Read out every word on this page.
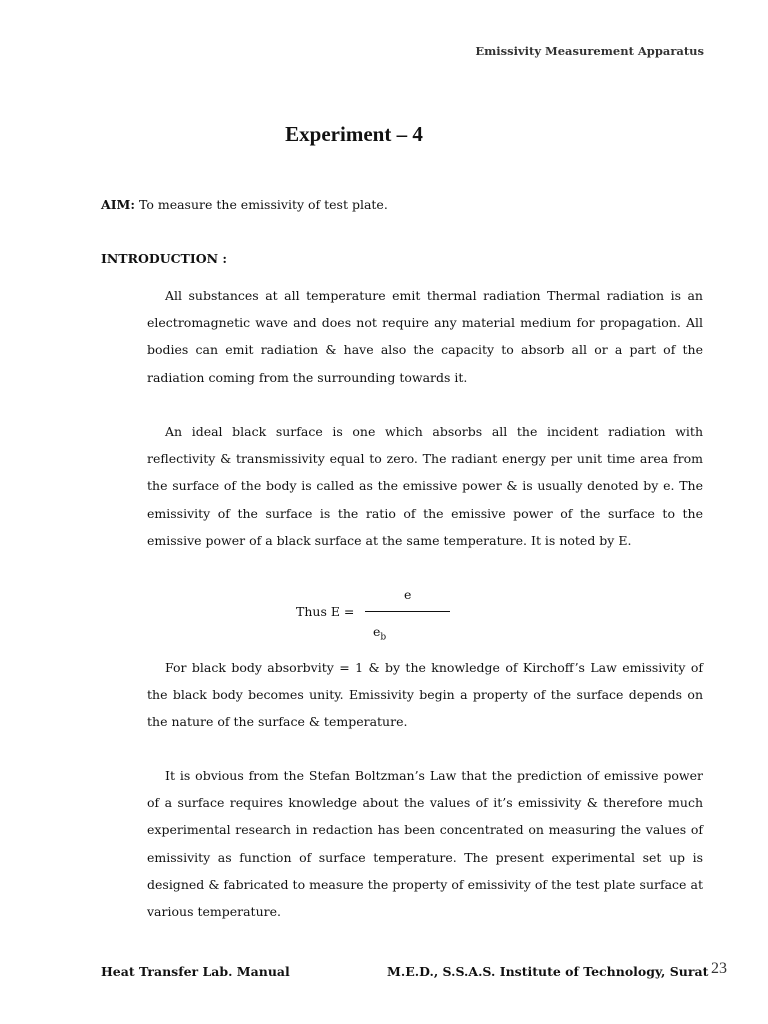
Emissivity Measurement Apparatus
Experiment – 4
AIM: To measure the emissivity of test plate.
INTRODUCTION :

All substances at all temperature emit thermal radiation Thermal radiation is an electromagnetic wave and does not require any material medium for propagation. All bodies can emit radiation & have also the capacity to absorb all or a part of the radiation coming from the surrounding towards it.

An ideal black surface is one which absorbs all the incident radiation with reflectivity & transmissivity equal to zero. The radiant energy per unit time area from the surface of the body is called as the emissive power & is usually denoted by e. The emissivity of the surface is the ratio of the emissive power of the surface to the emissive power of a black surface at the same temperature. It is noted by E.

e
Thus E =
$e_b$

For black body absorbvity = 1 & by the knowledge of Kirchoff’s Law emissivity of the black body becomes unity. Emissivity begin a property of the surface depends on the nature of the surface & temperature.

It is obvious from the Stefan Boltzman’s Law that the prediction of emissive power of a surface requires knowledge about the values of it’s emissivity & therefore much experimental research in redaction has been concentrated on measuring the values of emissivity as function of surface temperature. The present experimental set up is designed & fabricated to measure the property of emissivity of the test plate surface at various temperature.

Heat Transfer Lab. Manual	M.E.D., S.S.A.S. Institute of Technology, Surat 23
